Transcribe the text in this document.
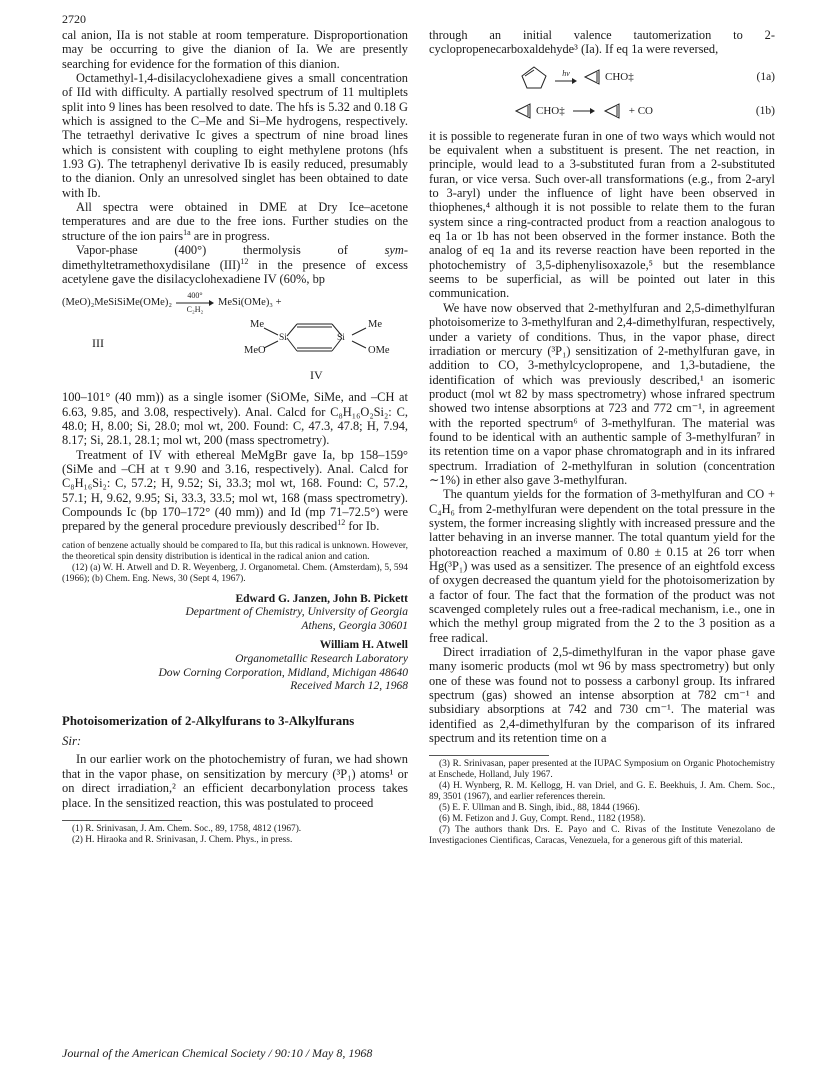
2720

cal anion, IIa is not stable at room temperature. Disproportionation may be occurring to give the dianion of Ia. We are presently searching for evidence for the formation of this dianion.

Octamethyl-1,4-disilacyclohexadiene gives a small concentration of IId with difficulty. A partially resolved spectrum of 11 multiplets split into 9 lines has been resolved to date. The hfs is 5.32 and 0.18 G which is assigned to the C–Me and Si–Me hydrogens, respectively. The tetraethyl derivative Ic gives a spectrum of nine broad lines which is consistent with coupling to eight methylene protons (hfs 1.93 G). The tetraphenyl derivative Ib is easily reduced, presumably to the dianion. Only an unresolved singlet has been obtained to date with Ib.

All spectra were obtained in DME at Dry Ice–acetone temperatures and are due to the free ions. Further studies on the structure of the ion pairs$^{1a}$ are in progress.

Vapor-phase (400°) thermolysis of sym-dimethyltetramethoxydisilane (III)$^{12}$ in the presence of excess acetylene gave the disilacyclohexadiene IV (60%, bp

(MeO)₂MeSiSiMe(OMe)₂
400°
C₂H₂
MeSi(OMe)₃ +
III
Me	Me
MeO	OMe
Si	Si
IV

100–101° (40 mm)) as a single isomer (SiOMe, SiMe, and –CH at 6.63, 9.85, and 3.08, respectively). Anal. Calcd for C₈H₁₆O₂Si₂: C, 48.0; H, 8.00; Si, 28.0; mol wt, 200. Found: C, 47.3, 47.8; H, 7.94, 8.17; Si, 28.1, 28.1; mol wt, 200 (mass spectrometry).

Treatment of IV with ethereal MeMgBr gave Ia, bp 158–159° (SiMe and –CH at τ 9.90 and 3.16, respectively). Anal. Calcd for C₈H₁₆Si₂: C, 57.2; H, 9.52; Si, 33.3; mol wt, 168. Found: C, 57.2, 57.1; H, 9.62, 9.95; Si, 33.3, 33.5; mol wt, 168 (mass spectrometry). Compounds Ic (bp 170–172° (40 mm)) and Id (mp 71–72.5°) were prepared by the general procedure previously described$^{12}$ for Ib.

cation of benzene actually should be compared to IIa, but this radical is unknown. However, the theoretical spin density distribution is identical in the radical anion and cation.

(12) (a) W. H. Atwell and D. R. Weyenberg, J. Organometal. Chem. (Amsterdam), 5, 594 (1966); (b) Chem. Eng. News, 30 (Sept 4, 1967).

Edward G. Janzen, John B. Pickett
Department of Chemistry, University of Georgia
Athens, Georgia 30601
William H. Atwell
Organometallic Research Laboratory
Dow Corning Corporation, Midland, Michigan 48640
Received March 12, 1968
Photoisomerization of 2-Alkylfurans to 3-Alkylfurans
Sir:

In our earlier work on the photochemistry of furan, we had shown that in the vapor phase, on sensitization by mercury (³P₁) atoms¹ or on direct irradiation,² an efficient decarbonylation process takes place. In the sensitized reaction, this was postulated to proceed

(1) R. Srinivasan, J. Am. Chem. Soc., 89, 1758, 4812 (1967).

(2) H. Hiraoka and R. Srinivasan, J. Chem. Phys., in press.

through an initial valence tautomerization to 2-cyclopropenecarboxaldehyde³ (Ia). If eq 1a were reversed,

hν	CHO‡	(1a)
CHO‡ →	+ CO	(1b)

it is possible to regenerate furan in one of two ways which would not be equivalent when a substituent is present. The net reaction, in principle, would lead to a 3-substituted furan from a 2-substituted furan, or vice versa. Such over-all transformations (e.g., from 2-aryl to 3-aryl) under the influence of light have been observed in thiophenes,⁴ although it is not possible to relate them to the furan system since a ring-contracted product from a reaction analogous to eq 1a or 1b has not been observed in the former instance. Both the analog of eq 1a and its reverse reaction have been reported in the photochemistry of 3,5-diphenylisoxazole,⁵ but the resemblance seems to be superficial, as will be pointed out later in this communication.

We have now observed that 2-methylfuran and 2,5-dimethylfuran photoisomerize to 3-methylfuran and 2,4-dimethylfuran, respectively, under a variety of conditions. Thus, in the vapor phase, direct irradiation or mercury (³P₁) sensitization of 2-methylfuran gave, in addition to CO, 3-methylcyclopropene, and 1,3-butadiene, the identification of which was previously described,¹ an isomeric product (mol wt 82 by mass spectrometry) whose infrared spectrum showed two intense absorptions at 723 and 772 cm⁻¹, in agreement with the reported spectrum⁶ of 3-methylfuran. The material was found to be identical with an authentic sample of 3-methylfuran⁷ in its retention time on a vapor phase chromatograph and in its infrared spectrum. Irradiation of 2-methylfuran in solution (concentration ∼1%) in ether also gave 3-methylfuran.

The quantum yields for the formation of 3-methylfuran and CO + C₄H₆ from 2-methylfuran were dependent on the total pressure in the system, the former increasing slightly with increased pressure and the latter behaving in an inverse manner. The total quantum yield for the photoreaction reached a maximum of 0.80 ± 0.15 at 26 torr when Hg(³P₁) was used as a sensitizer. The presence of an eightfold excess of oxygen decreased the quantum yield for the photoisomerization by a factor of four. The fact that the formation of the product was not scavenged completely rules out a free-radical mechanism, i.e., one in which the methyl group migrated from the 2 to the 3 position as a free radical.

Direct irradiation of 2,5-dimethylfuran in the vapor phase gave many isomeric products (mol wt 96 by mass spectrometry) but only one of these was found not to possess a carbonyl group. Its infrared spectrum (gas) showed an intense absorption at 782 cm⁻¹ and subsidiary absorptions at 742 and 730 cm⁻¹. The material was identified as 2,4-dimethylfuran by the comparison of its infrared spectrum and its retention time on a

(3) R. Srinivasan, paper presented at the IUPAC Symposium on Organic Photochemistry at Enschede, Holland, July 1967.

(4) H. Wynberg, R. M. Kellogg, H. van Driel, and G. E. Beekhuis, J. Am. Chem. Soc., 89, 3501 (1967), and earlier references therein.

(5) E. F. Ullman and B. Singh, ibid., 88, 1844 (1966).

(6) M. Fetizon and J. Guy, Compt. Rend., 1182 (1958).

(7) The authors thank Drs. E. Payo and C. Rivas of the Institute Venezolano de Investigaciones Cientificas, Caracas, Venezuela, for a generous gift of this material.

Journal of the American Chemical Society / 90:10 / May 8, 1968
